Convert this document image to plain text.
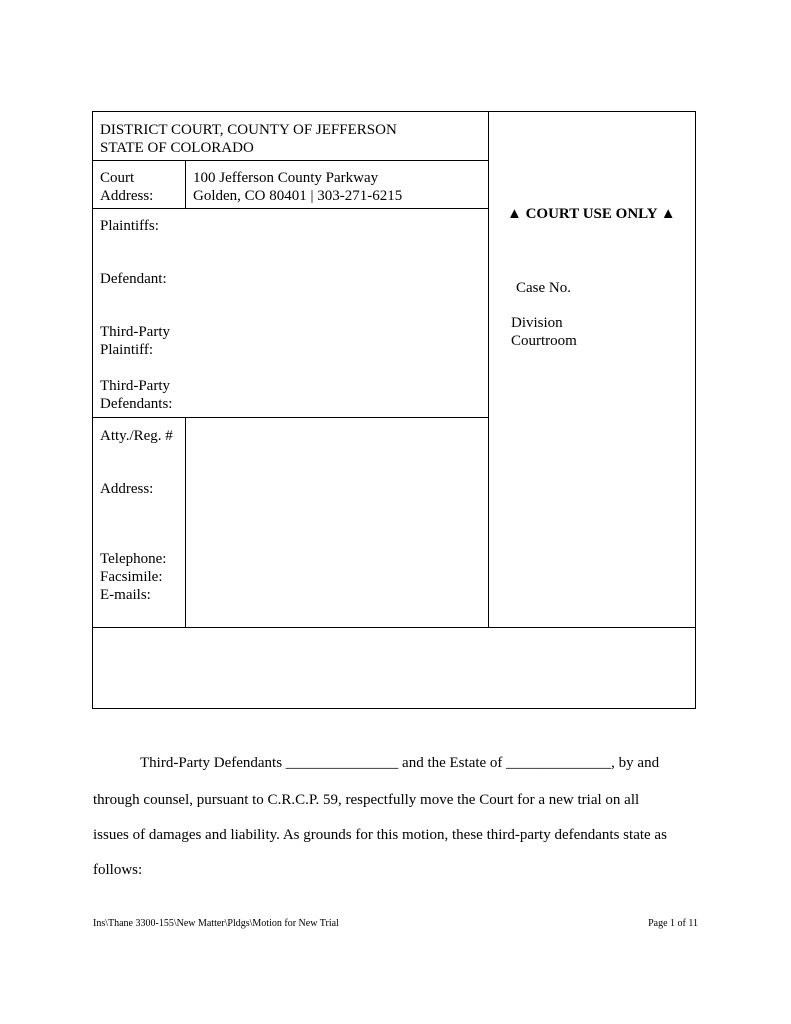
DISTRICT COURT, COUNTY OF JEFFERSON
STATE OF COLORADO
Court
Address:
100 Jefferson County Parkway
Golden, CO 80401 | 303-271-6215
Plaintiffs:
Defendant:
Third-Party
Plaintiff:
Third-Party
Defendants:
Atty./Reg. #
Address:
Telephone:
Facsimile:
E-mails:
▲ COURT USE ONLY ▲
Case No.
Division
Courtroom
Third-Party Defendants _______________ and the Estate of ______________, by and
through counsel, pursuant to C.R.C.P. 59, respectfully move the Court for a new trial on all
issues of damages and liability. As grounds for this motion, these third-party defendants state as
follows:
Ins\Thane 3300-155\New Matter\Pldgs\Motion for New Trial	Page 1 of 11
